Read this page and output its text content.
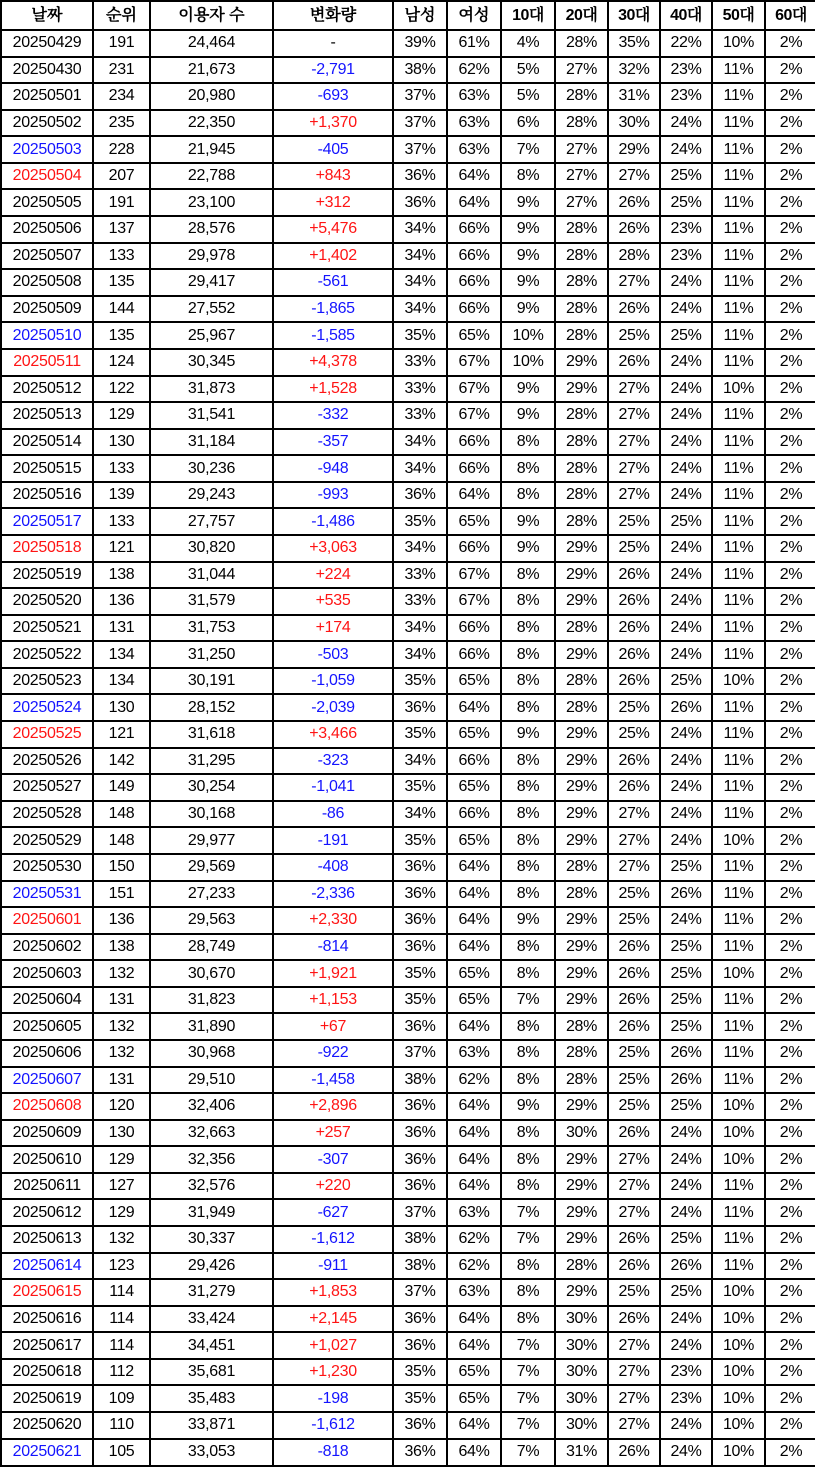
날짜	순위	이용자 수	변화량	남성	여성	10대	20대	30대	40대	50대	60대
20250429	191	24,464	-	39%	61%	4%	28%	35%	22%	10%	2%
20250430	231	21,673	-2,791	38%	62%	5%	27%	32%	23%	11%	2%
20250501	234	20,980	-693	37%	63%	5%	28%	31%	23%	11%	2%
20250502	235	22,350	+1,370	37%	63%	6%	28%	30%	24%	11%	2%
20250503	228	21,945	-405	37%	63%	7%	27%	29%	24%	11%	2%
20250504	207	22,788	+843	36%	64%	8%	27%	27%	25%	11%	2%
20250505	191	23,100	+312	36%	64%	9%	27%	26%	25%	11%	2%
20250506	137	28,576	+5,476	34%	66%	9%	28%	26%	23%	11%	2%
20250507	133	29,978	+1,402	34%	66%	9%	28%	28%	23%	11%	2%
20250508	135	29,417	-561	34%	66%	9%	28%	27%	24%	11%	2%
20250509	144	27,552	-1,865	34%	66%	9%	28%	26%	24%	11%	2%
20250510	135	25,967	-1,585	35%	65%	10%	28%	25%	25%	11%	2%
20250511	124	30,345	+4,378	33%	67%	10%	29%	26%	24%	11%	2%
20250512	122	31,873	+1,528	33%	67%	9%	29%	27%	24%	10%	2%
20250513	129	31,541	-332	33%	67%	9%	28%	27%	24%	11%	2%
20250514	130	31,184	-357	34%	66%	8%	28%	27%	24%	11%	2%
20250515	133	30,236	-948	34%	66%	8%	28%	27%	24%	11%	2%
20250516	139	29,243	-993	36%	64%	8%	28%	27%	24%	11%	2%
20250517	133	27,757	-1,486	35%	65%	9%	28%	25%	25%	11%	2%
20250518	121	30,820	+3,063	34%	66%	9%	29%	25%	24%	11%	2%
20250519	138	31,044	+224	33%	67%	8%	29%	26%	24%	11%	2%
20250520	136	31,579	+535	33%	67%	8%	29%	26%	24%	11%	2%
20250521	131	31,753	+174	34%	66%	8%	28%	26%	24%	11%	2%
20250522	134	31,250	-503	34%	66%	8%	29%	26%	24%	11%	2%
20250523	134	30,191	-1,059	35%	65%	8%	28%	26%	25%	10%	2%
20250524	130	28,152	-2,039	36%	64%	8%	28%	25%	26%	11%	2%
20250525	121	31,618	+3,466	35%	65%	9%	29%	25%	24%	11%	2%
20250526	142	31,295	-323	34%	66%	8%	29%	26%	24%	11%	2%
20250527	149	30,254	-1,041	35%	65%	8%	29%	26%	24%	11%	2%
20250528	148	30,168	-86	34%	66%	8%	29%	27%	24%	11%	2%
20250529	148	29,977	-191	35%	65%	8%	29%	27%	24%	10%	2%
20250530	150	29,569	-408	36%	64%	8%	28%	27%	25%	11%	2%
20250531	151	27,233	-2,336	36%	64%	8%	28%	25%	26%	11%	2%
20250601	136	29,563	+2,330	36%	64%	9%	29%	25%	24%	11%	2%
20250602	138	28,749	-814	36%	64%	8%	29%	26%	25%	11%	2%
20250603	132	30,670	+1,921	35%	65%	8%	29%	26%	25%	10%	2%
20250604	131	31,823	+1,153	35%	65%	7%	29%	26%	25%	11%	2%
20250605	132	31,890	+67	36%	64%	8%	28%	26%	25%	11%	2%
20250606	132	30,968	-922	37%	63%	8%	28%	25%	26%	11%	2%
20250607	131	29,510	-1,458	38%	62%	8%	28%	25%	26%	11%	2%
20250608	120	32,406	+2,896	36%	64%	9%	29%	25%	25%	10%	2%
20250609	130	32,663	+257	36%	64%	8%	30%	26%	24%	10%	2%
20250610	129	32,356	-307	36%	64%	8%	29%	27%	24%	10%	2%
20250611	127	32,576	+220	36%	64%	8%	29%	27%	24%	11%	2%
20250612	129	31,949	-627	37%	63%	7%	29%	27%	24%	11%	2%
20250613	132	30,337	-1,612	38%	62%	7%	29%	26%	25%	11%	2%
20250614	123	29,426	-911	38%	62%	8%	28%	26%	26%	11%	2%
20250615	114	31,279	+1,853	37%	63%	8%	29%	25%	25%	10%	2%
20250616	114	33,424	+2,145	36%	64%	8%	30%	26%	24%	10%	2%
20250617	114	34,451	+1,027	36%	64%	7%	30%	27%	24%	10%	2%
20250618	112	35,681	+1,230	35%	65%	7%	30%	27%	23%	10%	2%
20250619	109	35,483	-198	35%	65%	7%	30%	27%	23%	10%	2%
20250620	110	33,871	-1,612	36%	64%	7%	30%	27%	24%	10%	2%
20250621	105	33,053	-818	36%	64%	7%	31%	26%	24%	10%	2%
